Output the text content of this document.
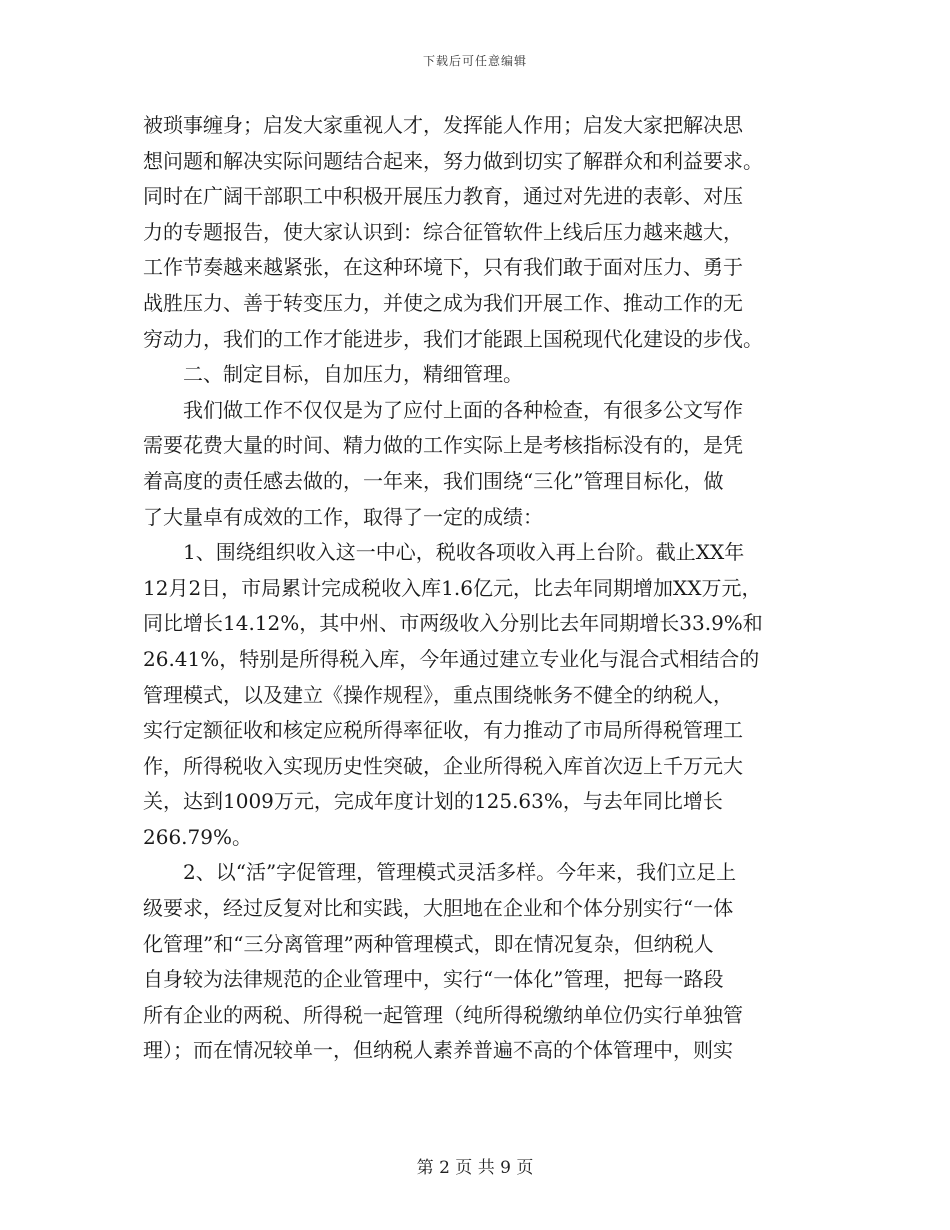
下载后可任意编辑
被琐事缠身；启发大家重视人才，发挥能人作用；启发大家把解决思
想问题和解决实际问题结合起来，努力做到切实了解群众和利益要求。
同时在广阔干部职工中积极开展压力教育，通过对先进的表彰、对压
力的专题报告，使大家认识到：综合征管软件上线后压力越来越大，
工作节奏越来越紧张，在这种环境下，只有我们敢于面对压力、勇于
战胜压力、善于转变压力，并使之成为我们开展工作、推动工作的无
穷动力，我们的工作才能进步，我们才能跟上国税现代化建设的步伐。
二、制定目标，自加压力，精细管理。
我们做工作不仅仅是为了应付上面的各种检查，有很多公文写作
需要花费大量的时间、精力做的工作实际上是考核指标没有的，是凭
着高度的责任感去做的，一年来，我们围绕“三化”管理目标化，做
了大量卓有成效的工作，取得了一定的成绩：
1、围绕组织收入这一中心，税收各项收入再上台阶。截止XX年
12月2日，市局累计完成税收入库1.6亿元，比去年同期增加XX万元，
同比增长14.12%，其中州、市两级收入分别比去年同期增长33.9%和
26.41%，特别是所得税入库，今年通过建立专业化与混合式相结合的
管理模式，以及建立《操作规程》，重点围绕帐务不健全的纳税人，
实行定额征收和核定应税所得率征收，有力推动了市局所得税管理工
作，所得税收入实现历史性突破，企业所得税入库首次迈上千万元大
关，达到1009万元，完成年度计划的125.63%，与去年同比增长
266.79%。
2、以“活”字促管理，管理模式灵活多样。今年来，我们立足上
级要求，经过反复对比和实践，大胆地在企业和个体分别实行“一体
化管理”和“三分离管理”两种管理模式，即在情况复杂，但纳税人
自身较为法律规范的企业管理中，实行“一体化”管理，把每一路段
所有企业的两税、所得税一起管理（纯所得税缴纳单位仍实行单独管
理）；而在情况较单一，但纳税人素养普遍不高的个体管理中，则实
第 2 页 共 9 页
